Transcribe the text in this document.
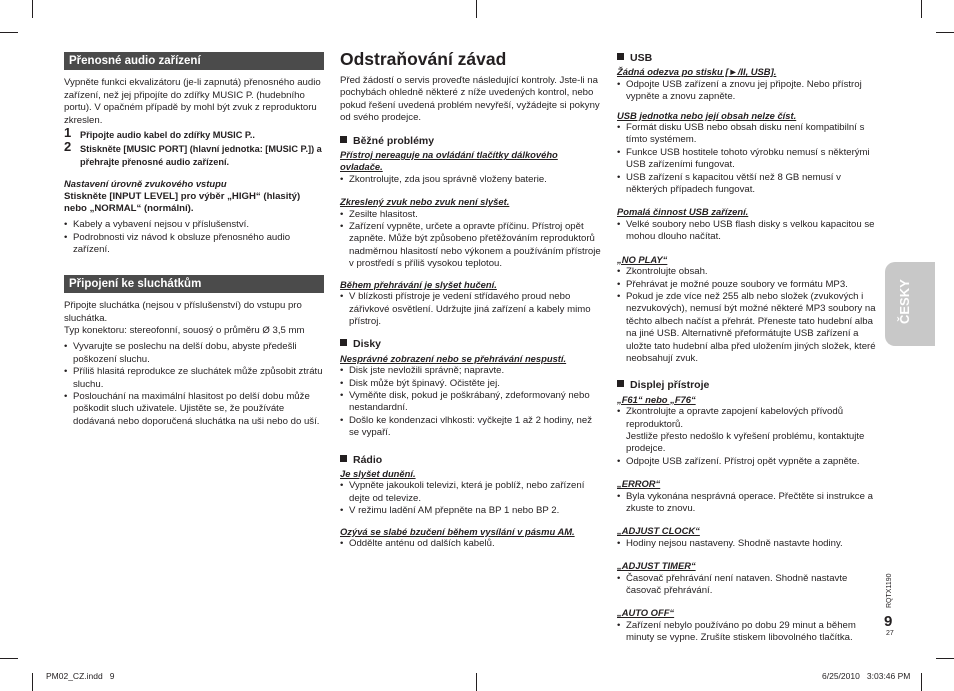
Přenosné audio zařízení

Vypněte funkci ekvalizátoru (je-li zapnutá) přenosného audio zařízení, než jej připojíte do zdířky MUSIC P. (hudebního portu). V opačném případě by mohl být zvuk z reproduktoru zkreslen.

1 Připojte audio kabel do zdířky MUSIC P..
2 Stiskněte [MUSIC PORT] (hlavní jednotka: [MUSIC P.]) a přehrajte přenosné audio zařízení.

Nastavení úrovně zvukového vstupu

Stiskněte [INPUT LEVEL] pro výběr „HIGH“ (hlasitý) nebo „NORMAL“ (normální).

• Kabely a vybavení nejsou v příslušenství.
• Podrobnosti viz návod k obsluze přenosného audio zařízení.
Připojení ke sluchátkům

Připojte sluchátka (nejsou v příslušenství) do vstupu pro sluchátka.

Typ konektoru: stereofonní, souosý o průměru Ø 3,5 mm

• Vyvarujte se poslechu na delší dobu, abyste předešli poškození sluchu.
• Příliš hlasitá reprodukce ze sluchátek může způsobit ztrátu sluchu.
• Poslouchání na maximální hlasitost po delší dobu může poškodit sluch uživatele. Ujistěte se, že používáte dodávaná nebo doporučená sluchátka na uši nebo do uší.
Odstraňování závad

Před žádostí o servis proveďte následující kontroly. Jste-li na pochybách ohledně některé z níže uvedených kontrol, nebo pokud řešení uvedená problém nevyřeší, vyžádejte si pokyny od svého prodejce.

Běžné problémy

Přístroj nereaguje na ovládání tlačítky dálkového ovladače.

• Zkontrolujte, zda jsou správně vloženy baterie.

Zkreslený zvuk nebo zvuk není slyšet.

• Zesilte hlasitost.
• Zařízení vypněte, určete a opravte příčinu. Přístroj opět zapněte. Může být způsobeno přetěžováním reproduktorů nadměrnou hlasitostí nebo výkonem a používáním přístroje v prostředí s příliš vysokou teplotou.

Během přehrávání je slyšet hučení.

• V blízkosti přístroje je vedení střídavého proud nebo zářivkové osvětlení. Udržujte jiná zařízení a kabely mimo přístroj.
Disky

Nesprávné zobrazení nebo se přehrávání nespustí.

• Disk jste nevložili správně; napravte.
• Disk může být špinavý. Očistěte jej.
• Vyměňte disk, pokud je poškrábaný, zdeformovaný nebo nestandardní.
• Došlo ke kondenzaci vlhkosti: vyčkejte 1 až 2 hodiny, než se vypaří.
Rádio

Je slyšet dunění.

• Vypněte jakoukoli televizi, která je poblíž, nebo zařízení dejte od televize.
• V režimu ladění AM přepněte na BP 1 nebo BP 2.

Ozývá se slabé bzučení během vysílání v pásmu AM.

• Oddělte anténu od dalších kabelů.
USB

Žádná odezva po stisku [►/II, USB].

• Odpojte USB zařízení a znovu jej připojte. Nebo přístroj vypněte a znovu zapněte.

USB jednotka nebo její obsah nelze číst.

• Formát disku USB nebo obsah disku není kompatibilní s tímto systémem.
• Funkce USB hostitele tohoto výrobku nemusí s některými USB zařízeními fungovat.
• USB zařízení s kapacitou větší než 8 GB nemusí v některých případech fungovat.

Pomalá činnost USB zařízení.

• Velké soubory nebo USB flash disky s velkou kapacitou se mohou dlouho načítat.

„NO PLAY“

• Zkontrolujte obsah.
• Přehrávat je možné pouze soubory ve formátu MP3.
• Pokud je zde více než 255 alb nebo složek (zvukových i nezvukových), nemusí být možné některé MP3 soubory na těchto albech načíst a přehrát. Přeneste tato hudební alba na jiné USB. Alternativně přeformátujte USB zařízení a uložte tato hudební alba před uložením jiných složek, které neobsahují zvuk.
Displej přístroje

„F61“ nebo „F76“

• Zkontrolujte a opravte zapojení kabelových přívodů reproduktorů.
Jestliže přesto nedošlo k vyřešení problému, kontaktujte prodejce.
• Odpojte USB zařízení. Přístroj opět vypněte a zapněte.

„ERROR“

• Byla vykonána nesprávná operace. Přečtěte si instrukce a zkuste to znovu.

„ADJUST CLOCK“

• Hodiny nejsou nastaveny. Shodně nastavte hodiny.

„ADJUST TIMER“

• Časovač přehrávání není nataven. Shodně nastavte časovač přehrávání.

„AUTO OFF“

• Zařízení nebylo používáno po dobu 29 minut a během minuty se vypne. Zrušíte stiskem libovolného tlačítka.
ČESKY
RQTX1190
9
27
PM02_CZ.indd   9	6/25/2010   3:03:46 PM
